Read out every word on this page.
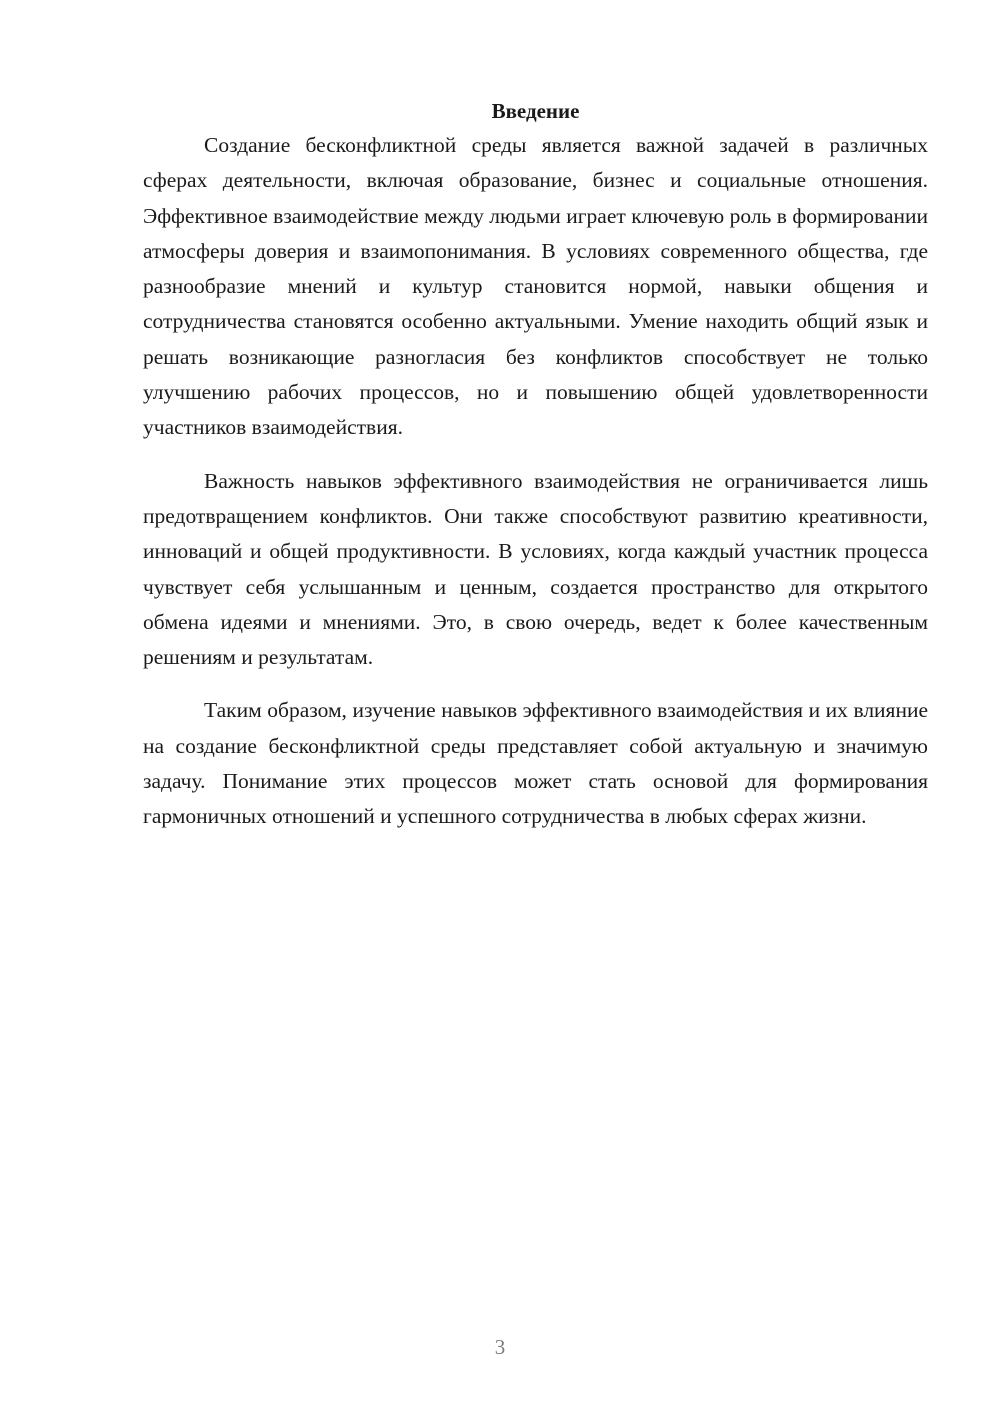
Введение

Создание бесконфликтной среды является важной задачей в различных сферах деятельности, включая образование, бизнес и социальные отношения. Эффективное взаимодействие между людьми играет ключевую роль в формировании атмосферы доверия и взаимопонимания. В условиях современного общества, где разнообразие мнений и культур становится нормой, навыки общения и сотрудничества становятся особенно актуальными. Умение находить общий язык и решать возникающие разногласия без конфликтов способствует не только улучшению рабочих процессов, но и повышению общей удовлетворенности участников взаимодействия.

Важность навыков эффективного взаимодействия не ограничивается лишь предотвращением конфликтов. Они также способствуют развитию креативности, инноваций и общей продуктивности. В условиях, когда каждый участник процесса чувствует себя услышанным и ценным, создается пространство для открытого обмена идеями и мнениями. Это, в свою очередь, ведет к более качественным решениям и результатам.

Таким образом, изучение навыков эффективного взаимодействия и их влияние на создание бесконфликтной среды представляет собой актуальную и значимую задачу. Понимание этих процессов может стать основой для формирования гармоничных отношений и успешного сотрудничества в любых сферах жизни.

3
